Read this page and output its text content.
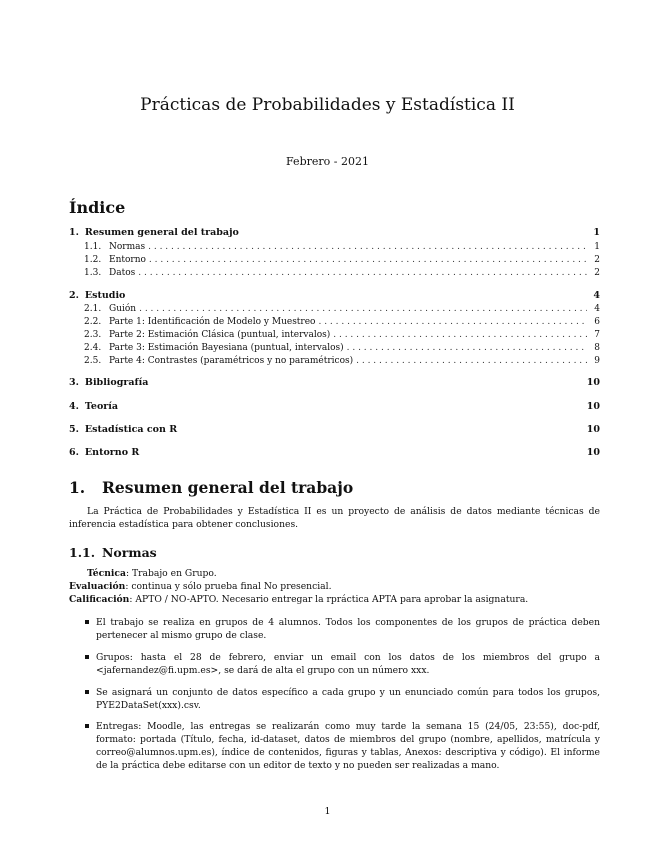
Prácticas de Probabilidades y Estadística II
Febrero - 2021
Índice
1. Resumen general del trabajo	1
1.1. Normas . . .	1
1.2. Entorno . . .	2
1.3. Datos . . .	2
2. Estudio	4
2.1. Guión . . .	4
2.2. Parte 1: Identificación de Modelo y Muestreo . . .	6
2.3. Parte 2: Estimación Clásica (puntual, intervalos) . . .	7
2.4. Parte 3: Estimación Bayesiana (puntual, intervalos) . . .	8
2.5. Parte 4: Contrastes (paramétricos y no paramétricos) . . .	9
3. Bibliografía	10
4. Teoría	10
5. Estadística con R	10
6. Entorno R	10
1. Resumen general del trabajo
La Práctica de Probabilidades y Estadística II es un proyecto de análisis de datos mediante técnicas de inferencia estadística para obtener conclusiones.
1.1. Normas
Técnica: Trabajo en Grupo.
Evaluación: continua y sólo prueba final No presencial.
Calificación: APTO / NO-APTO. Necesario entregar la rpráctica APTA para aprobar la asignatura.
El trabajo se realiza en grupos de 4 alumnos. Todos los componentes de los grupos de práctica deben pertenecer al mismo grupo de clase.
Grupos: hasta el 28 de febrero, enviar un email con los datos de los miembros del grupo a <jafernandez@fi.upm.es>, se dará de alta el grupo con un número xxx.
Se asignará un conjunto de datos específico a cada grupo y un enunciado común para todos los grupos, PYE2DataSet(xxx).csv.
Entregas: Moodle, las entregas se realizarán como muy tarde la semana 15 (24/05, 23:55), doc-pdf, formato: portada (Título, fecha, id-dataset, datos de miembros del grupo (nombre, apellidos, matrícula y correo@alumnos.upm.es), índice de contenidos, figuras y tablas, Anexos: descriptiva y código). El informe de la práctica debe editarse con un editor de texto y no pueden ser realizadas a mano.
1
